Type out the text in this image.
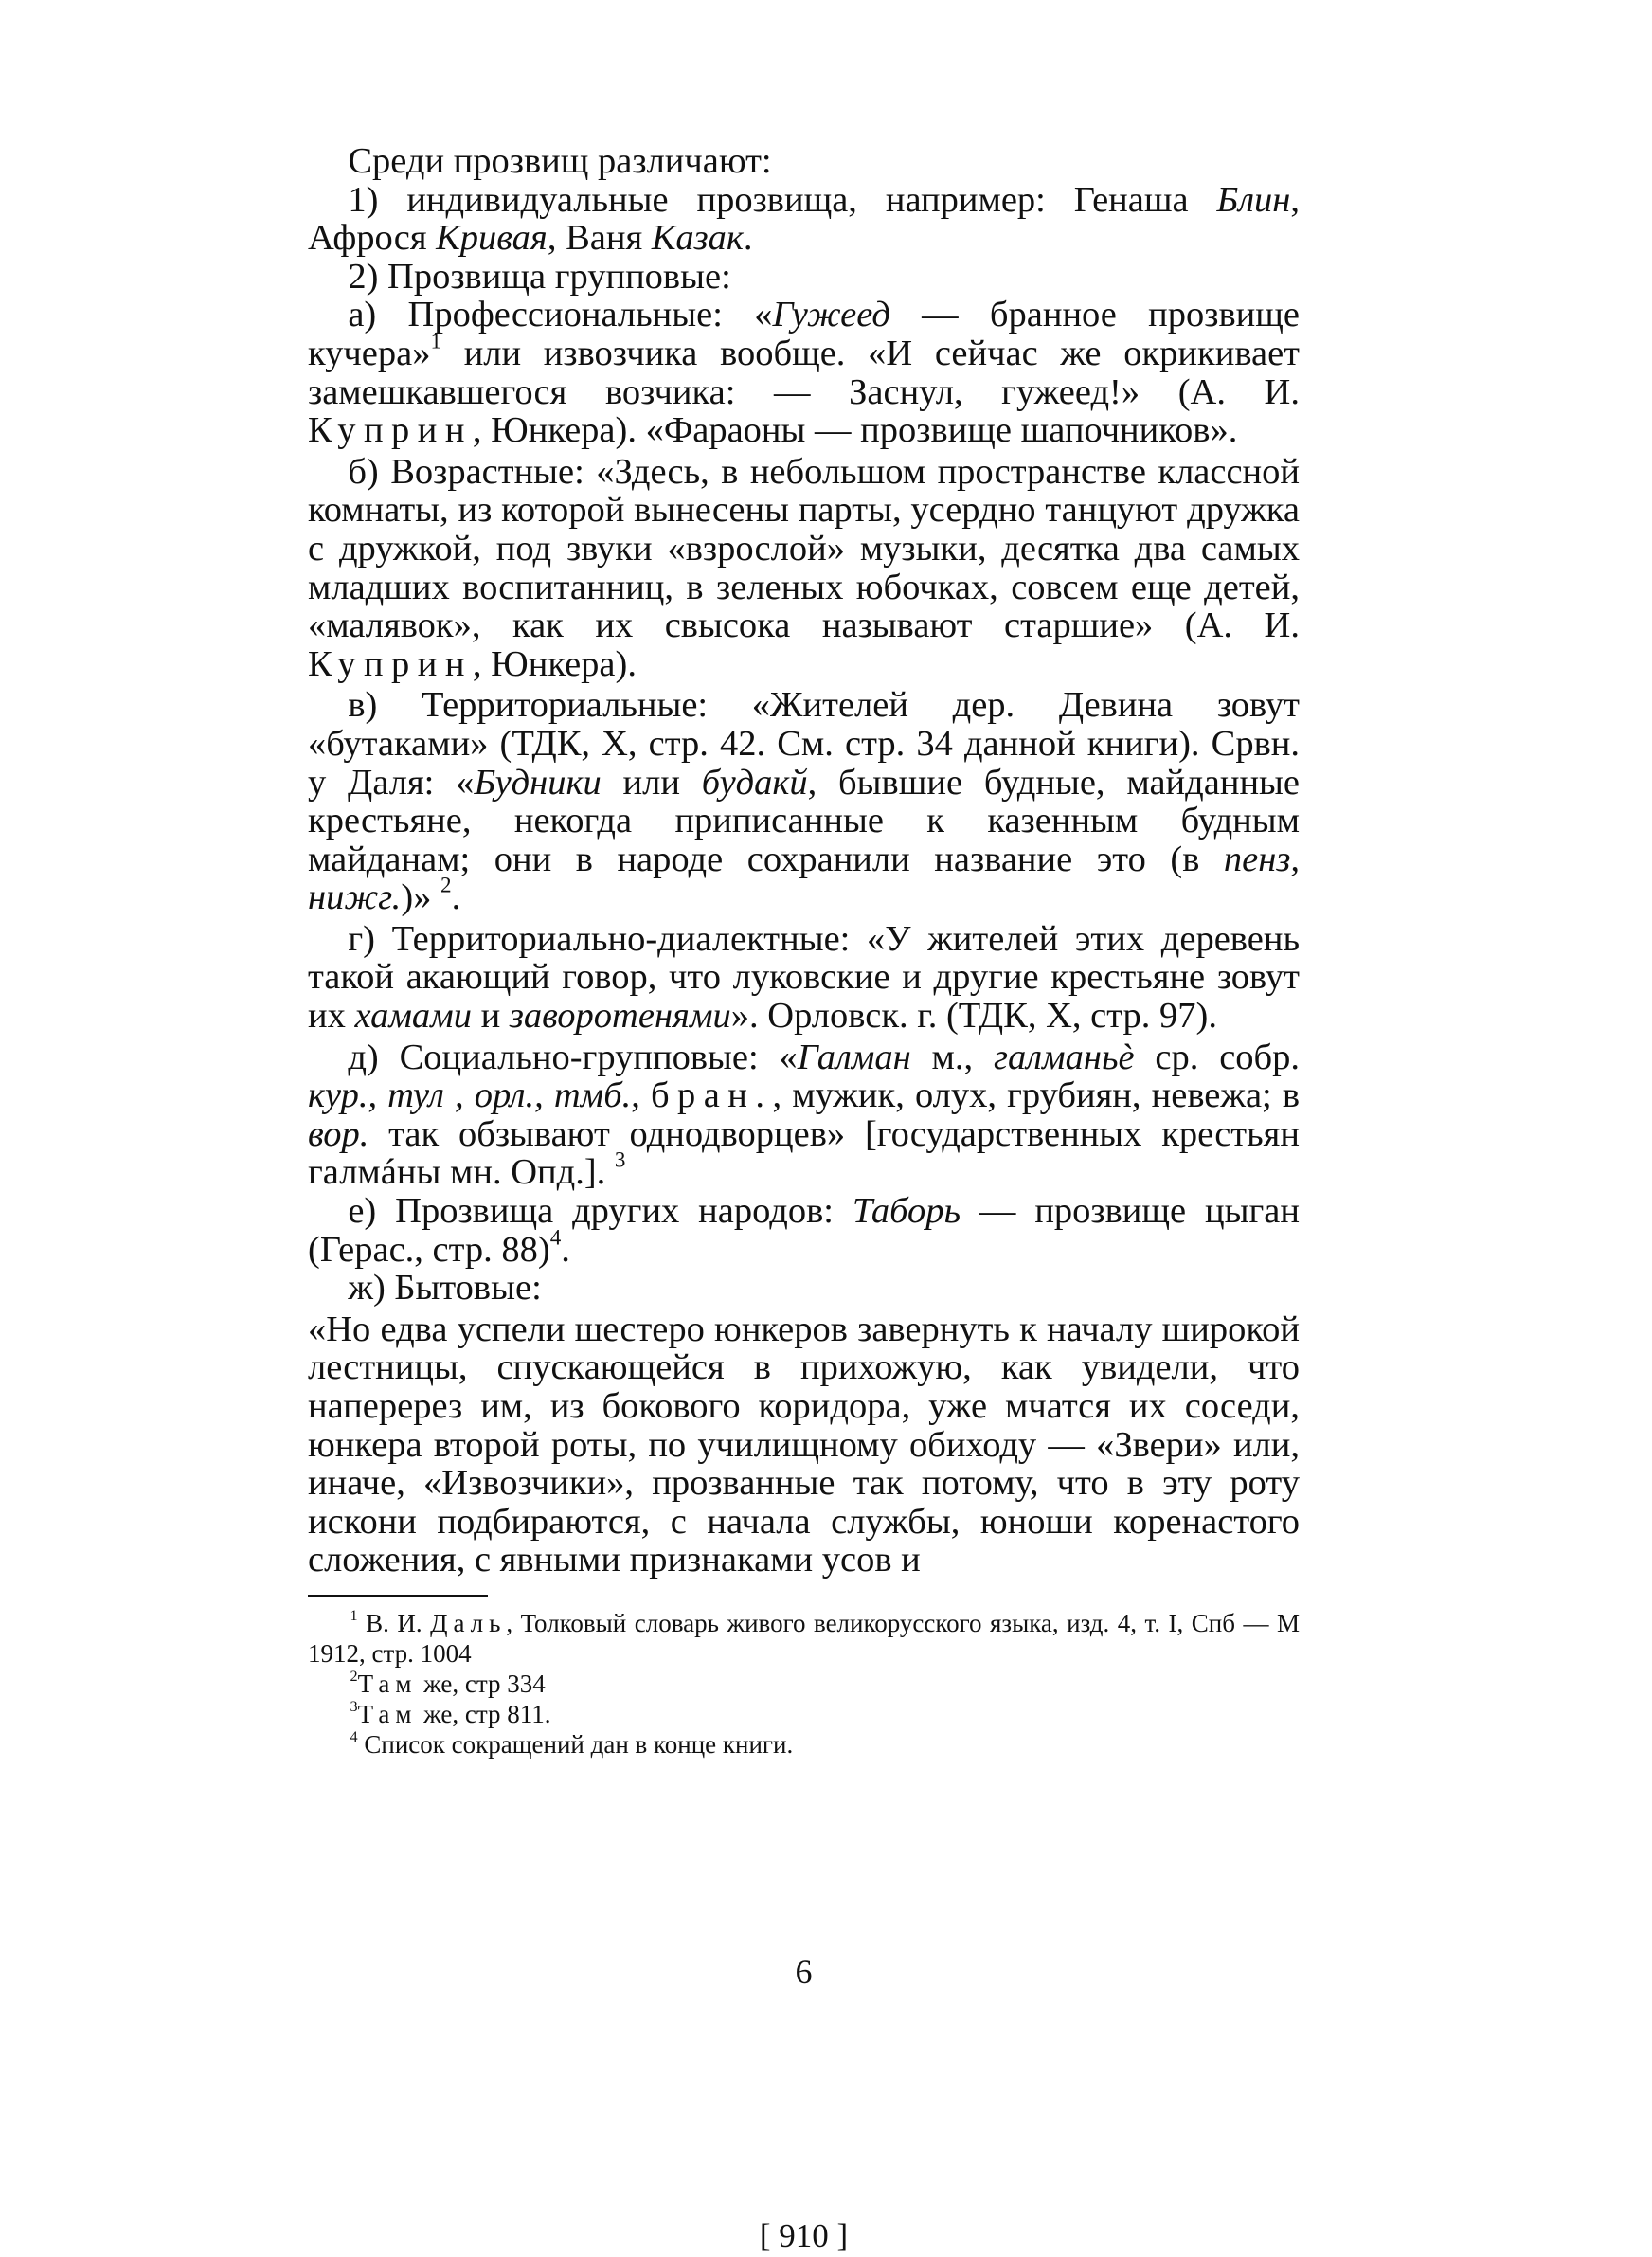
Среди прозвищ различают:

1) индивидуальные прозвища, например: Генаша Блин, Афрося Кривая, Ваня Казак.

2) Прозвища групповые:

а) Профессиональные: «Гужеед — бранное прозвище кучера»$^1$ или извозчика вообще. «И сейчас же окрикивает замешкавшегося возчика: — Заснул, гужеед!» (А. И. Куприн, Юнкера). «Фараоны — прозвище шапочников».

б) Возрастные: «Здесь, в небольшом пространстве классной комнаты, из которой вынесены парты, усердно танцуют дружка с дружкой, под звуки «взрослой» музыки, десятка два самых младших воспитанниц, в зеленых юбочках, совсем еще детей, «малявок», как их свысока называют старшие» (А. И. Куприн, Юнкера).

в) Территориальные: «Жителей дер. Девина зовут «бутаками» (ТДК, X, стр. 42. См. стр. 34 данной книги). Срвн. у Даля: «Будники или будакй, бывшие будные, майданные крестьяне, некогда приписанные к казенным будным майданам; они в народе сохранили название это (в пенз, нижг.)» $^2$.

г) Территориально-диалектные: «У жителей этих деревень такой акающий говор, что луковские и другие крестьяне зовут их хамами и заворотенями». Орловск. г. (ТДК, X, стр. 97).

д) Социально-групповые: «Галман м., галманьѐ ср. собр. кур., тул , орл., тмб., бран., мужик, олух, грубиян, невежа; в вор. так обзывают однодворцев» [государственных крестьян галмáны мн. Опд.]. $^3$

е) Прозвища других народов: Таборь — прозвище цыган (Герас., стр. 88)$^4$.

ж) Бытовые:

«Но едва успели шестеро юнкеров завернуть к началу широкой лестницы, спускающейся в прихожую, как увидели, что наперерез им, из бокового коридора, уже мчатся их соседи, юнкера второй роты, по училищному обиходу — «Звери» или, иначе, «Извозчики», прозванные так потому, что в эту роту искони подбираются, с начала службы, юноши коренастого сложения, с явными признаками усов и

$^1$ В. И. Даль, Толковый словарь живого великорусского языка, изд. 4, т. I, Спб — М 1912, стр. 1004

$^2$Там же, стр 334

$^3$Там же, стр 811.

$^4$ Список сокращений дан в конце книги.

6
[ 910 ]
